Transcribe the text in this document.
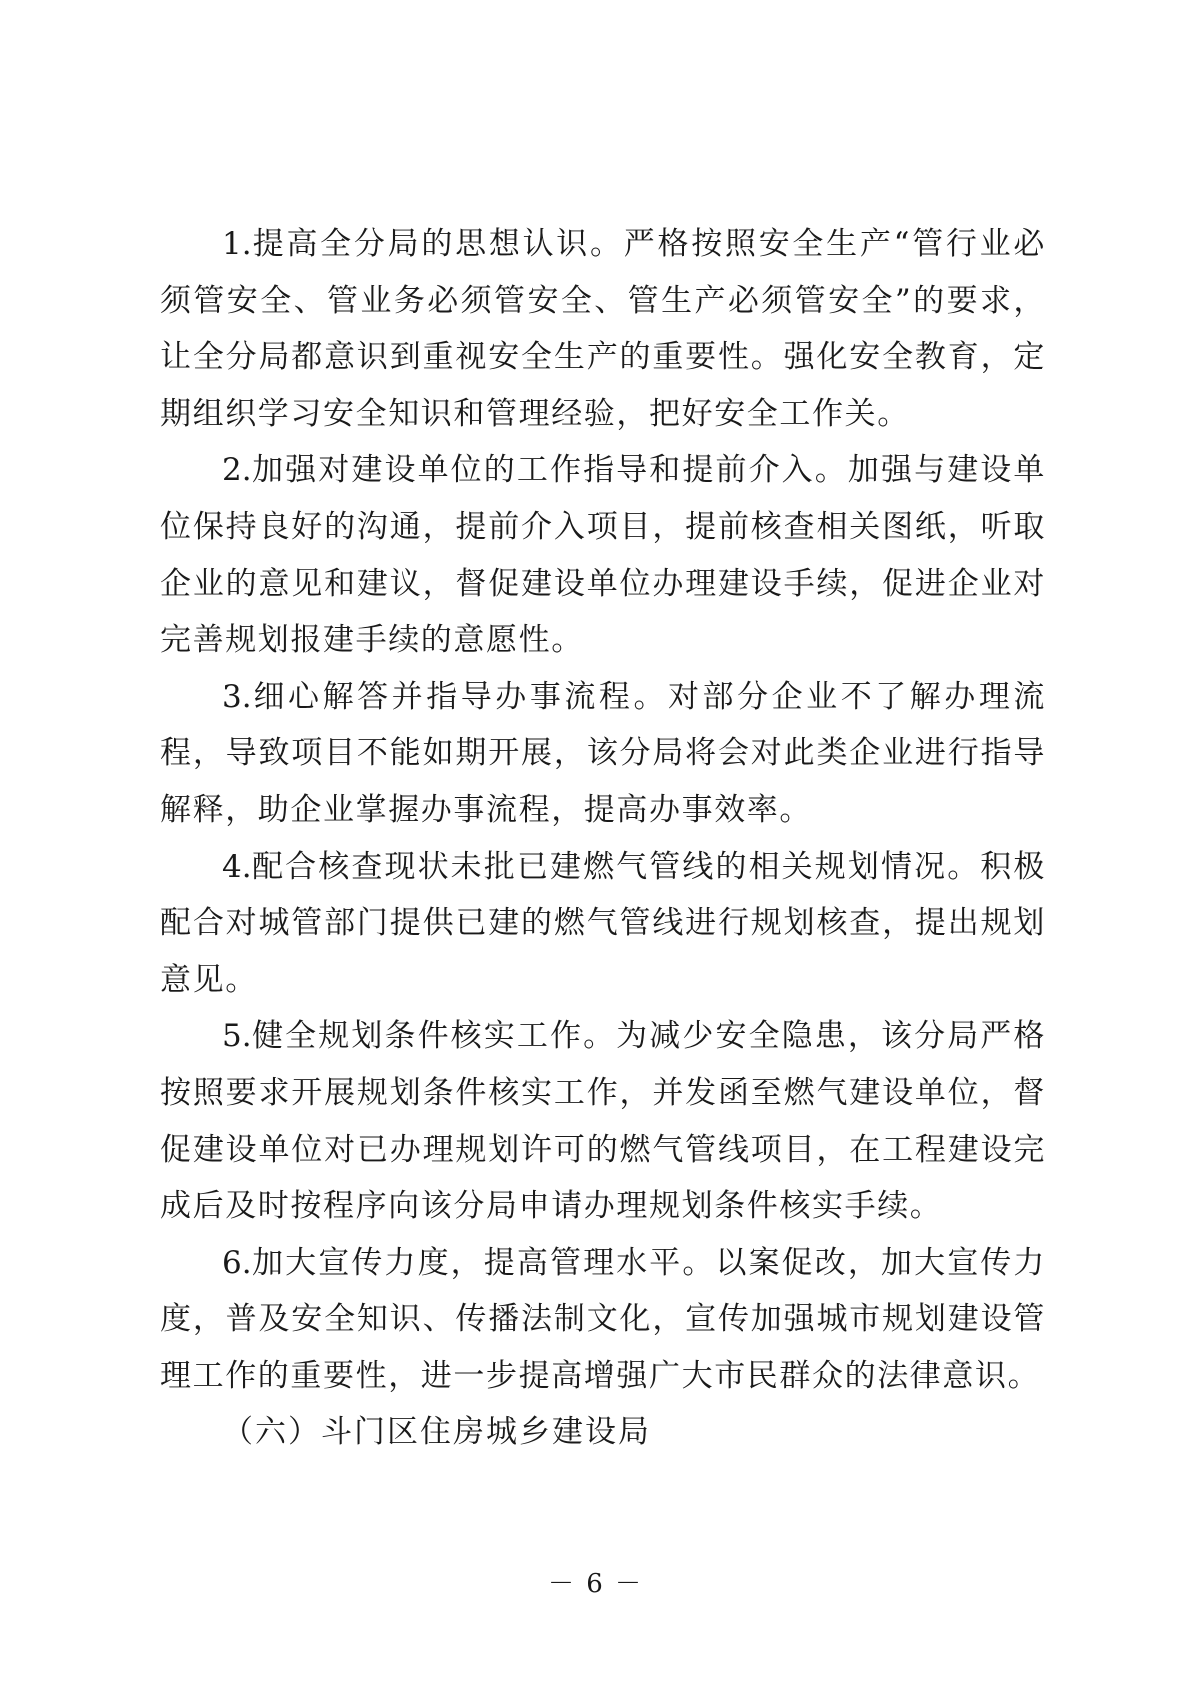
1.提高全分局的思想认识。严格按照安全生产“管行业必须管安全、管业务必须管安全、管生产必须管安全”的要求，让全分局都意识到重视安全生产的重要性。强化安全教育，定期组织学习安全知识和管理经验，把好安全工作关。

2.加强对建设单位的工作指导和提前介入。加强与建设单位保持良好的沟通，提前介入项目，提前核查相关图纸，听取企业的意见和建议，督促建设单位办理建设手续，促进企业对完善规划报建手续的意愿性。

3.细心解答并指导办事流程。对部分企业不了解办理流程，导致项目不能如期开展，该分局将会对此类企业进行指导解释，助企业掌握办事流程，提高办事效率。

4.配合核查现状未批已建燃气管线的相关规划情况。积极配合对城管部门提供已建的燃气管线进行规划核查，提出规划意见。

5.健全规划条件核实工作。为减少安全隐患，该分局严格按照要求开展规划条件核实工作，并发函至燃气建设单位，督促建设单位对已办理规划许可的燃气管线项目，在工程建设完成后及时按程序向该分局申请办理规划条件核实手续。

6.加大宣传力度，提高管理水平。以案促改，加大宣传力度，普及安全知识、传播法制文化，宣传加强城市规划建设管理工作的重要性，进一步提高增强广大市民群众的法律意识。

（六）斗门区住房城乡建设局

－ 6 －
